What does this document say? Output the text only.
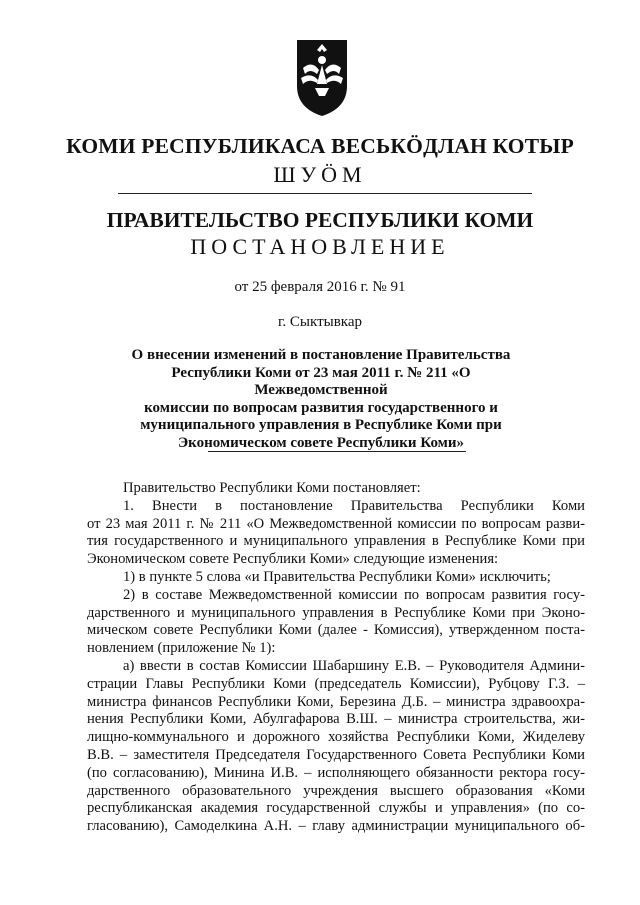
КОМИ РЕСПУБЛИКАСА ВЕСЬКÖДЛАН КОТЫР
ШУÖМ
ПРАВИТЕЛЬСТВО РЕСПУБЛИКИ КОМИ
ПОСТАНОВЛЕНИЕ
от 25 февраля 2016 г. № 91
г. Сыктывкар
О внесении изменений в постановление Правительства
Республики Коми от 23 мая 2011 г. № 211 «О Межведомственной
комиссии по вопросам развития государственного и
муниципального управления в Республике Коми при
Экономическом совете Республики Коми»
Правительство Республики Коми постановляет:
1. Внести в постановление Правительства Республики Коми
от 23 мая 2011 г. № 211 «О Межведомственной комиссии по вопросам разви-
тия государственного и муниципального управления в Республике Коми при
Экономическом совете Республики Коми» следующие изменения:
1) в пункте 5 слова «и Правительства Республики Коми» исключить;
2) в составе Межведомственной комиссии по вопросам развития госу-
дарственного и муниципального управления в Республике Коми при Эконо-
мическом совете Республики Коми (далее - Комиссия), утвержденном поста-
новлением (приложение № 1):
а) ввести в состав Комиссии Шабаршину Е.В. – Руководителя Админи-
страции Главы Республики Коми (председатель Комиссии), Рубцову Г.З. –
министра финансов Республики Коми, Березина Д.Б. – министра здравоохра-
нения Республики Коми, Абулгафарова В.Ш. – министра строительства, жи-
лищно-коммунального и дорожного хозяйства Республики Коми, Жиделеву
В.В. – заместителя Председателя Государственного Совета Республики Коми
(по согласованию), Минина И.В. – исполняющего обязанности ректора госу-
дарственного образовательного учреждения высшего образования «Коми
республиканская академия государственной службы и управления» (по со-
гласованию), Самоделкина А.Н. – главу администрации муниципального об-
